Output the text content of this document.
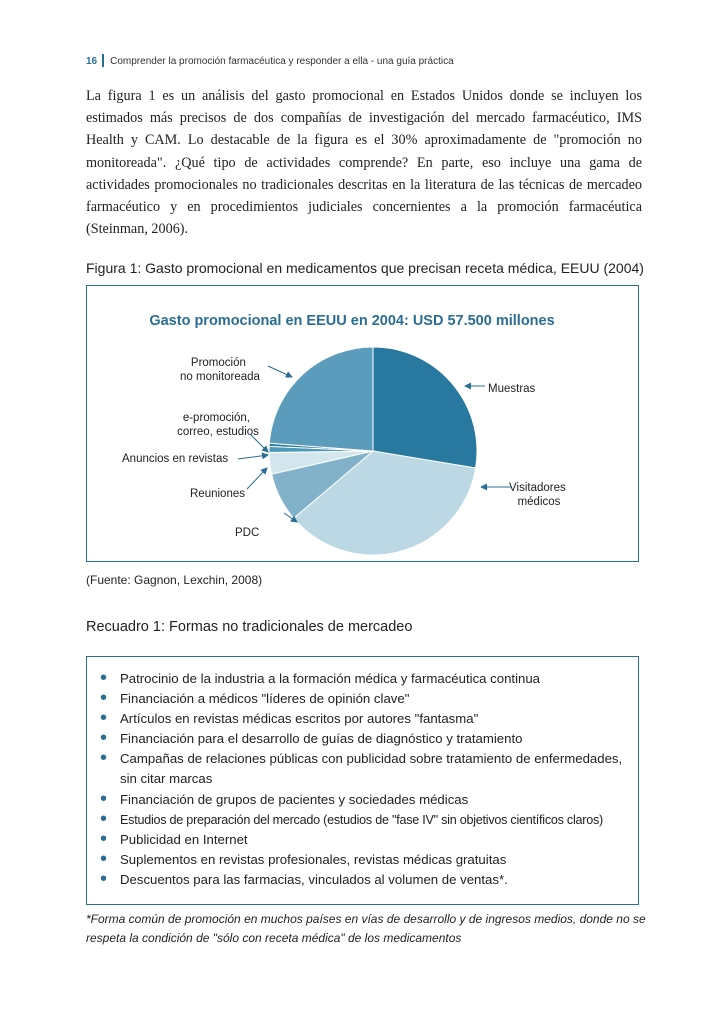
16 Comprender la promoción farmacéutica y responder a ella - una guía práctica
La figura 1 es un análisis del gasto promocional en Estados Unidos donde se incluyen los estimados más precisos de dos compañías de investigación del mercado farmacéutico, IMS Health y CAM. Lo destacable de la figura es el 30% aproximadamente de "promoción no monitoreada". ¿Qué tipo de actividades comprende? En parte, eso incluye una gama de actividades promocionales no tradicionales descritas en la literatura de las técnicas de mercadeo farmacéutico y en procedimientos judiciales concernientes a la promoción farmacéutica (Steinman, 2006).
Figura 1: Gasto promocional en medicamentos que precisan receta médica, EEUU (2004)
Gasto promocional en EEUU en 2004: USD 57.500 millones
Promoción no monitoreada
Muestras
e-promoción, correo, estudios
Anuncios en revistas
Visitadores médicos
Reuniones
PDC
(Fuente: Gagnon, Lexchin, 2008)
Recuadro 1: Formas no tradicionales de mercadeo
• Patrocinio de la industria a la formación médica y farmacéutica continua
• Financiación a médicos "líderes de opinión clave"
• Artículos en revistas médicas escritos por autores "fantasma"
• Financiación para el desarrollo de guías de diagnóstico y tratamiento
• Campañas de relaciones públicas con publicidad sobre tratamiento de enfermedades, sin citar marcas
• Financiación de grupos de pacientes y sociedades médicas
• Estudios de preparación del mercado (estudios de "fase IV" sin objetivos científicos claros)
• Publicidad en Internet
• Suplementos en revistas profesionales, revistas médicas gratuitas
• Descuentos para las farmacias, vinculados al volumen de ventas*.
*Forma común de promoción en muchos países en vías de desarrollo y de ingresos medios, donde no se respeta la condición de "sólo con receta médica" de los medicamentos
